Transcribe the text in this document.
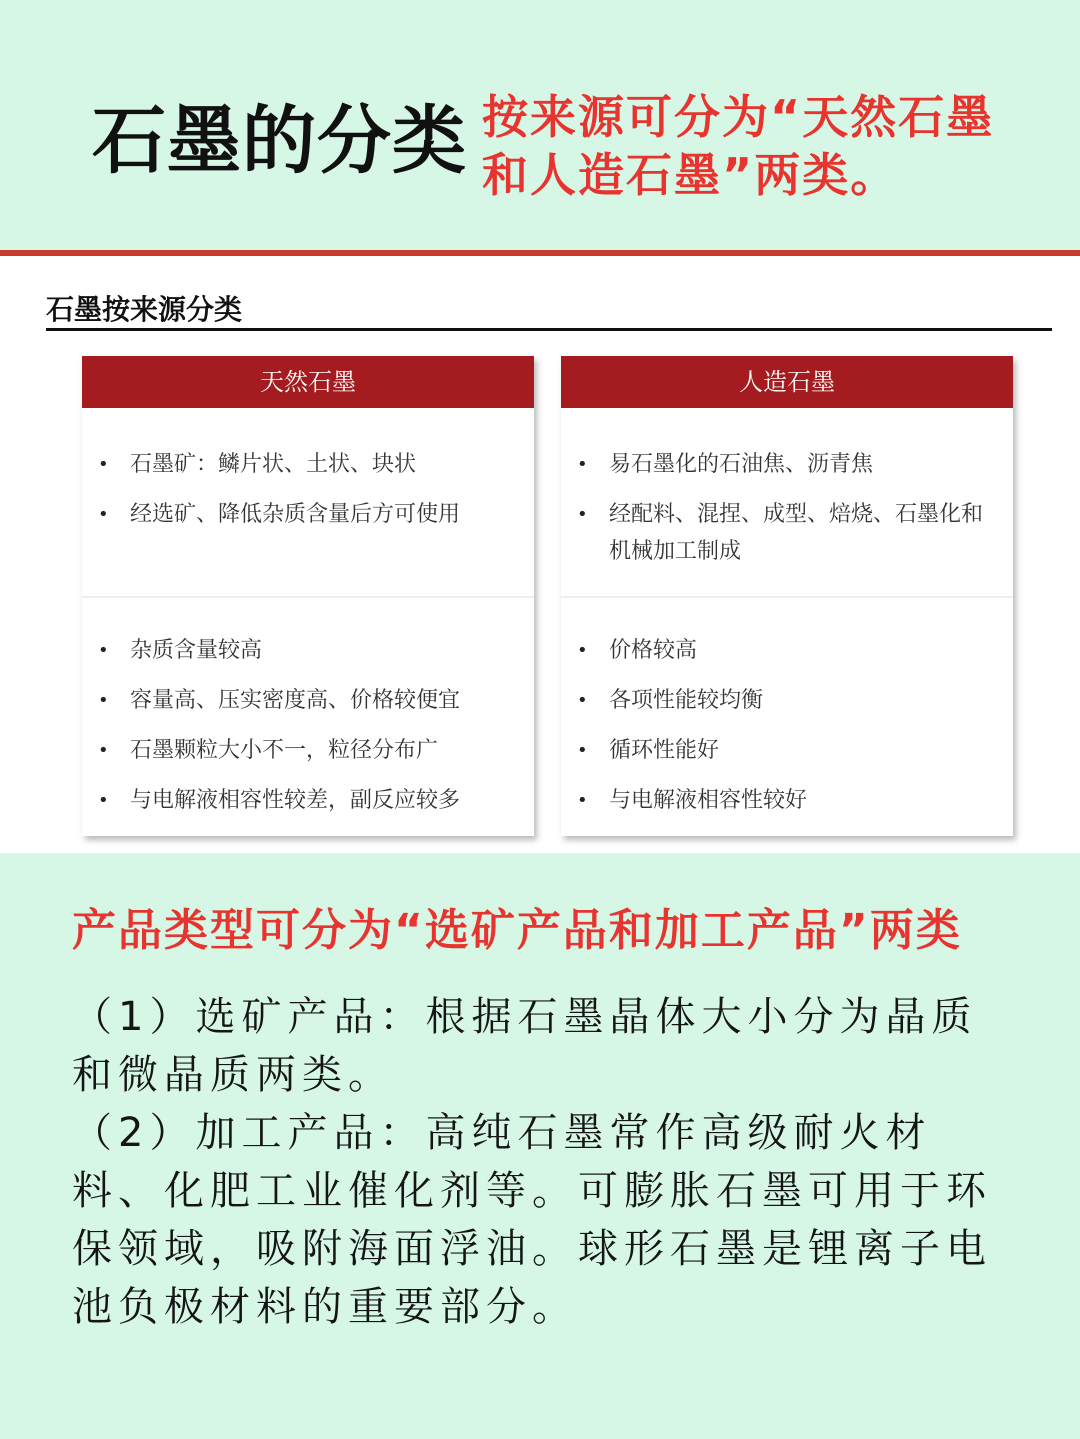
石墨的分类 按来源可分为“天然石墨和人造石墨”两类。

石墨按来源分类
天然石墨
• 石墨矿：鳞片状、土状、块状
• 经选矿、降低杂质含量后方可使用
• 杂质含量较高
• 容量高、压实密度高、价格较便宜
• 石墨颗粒大小不一，粒径分布广
• 与电解液相容性较差，副反应较多
人造石墨
• 易石墨化的石油焦、沥青焦
• 经配料、混捏、成型、焙烧、石墨化和机械加工制成
• 价格较高
• 各项性能较均衡
• 循环性能好
• 与电解液相容性较好
产品类型可分为“选矿产品和加工产品”两类

（1）选矿产品：根据石墨晶体大小分为晶质和微晶质两类。

（2）加工产品：高纯石墨常作高级耐火材料、化肥工业催化剂等。可膨胀石墨可用于环保领域，吸附海面浮油。球形石墨是锂离子电池负极材料的重要部分。
